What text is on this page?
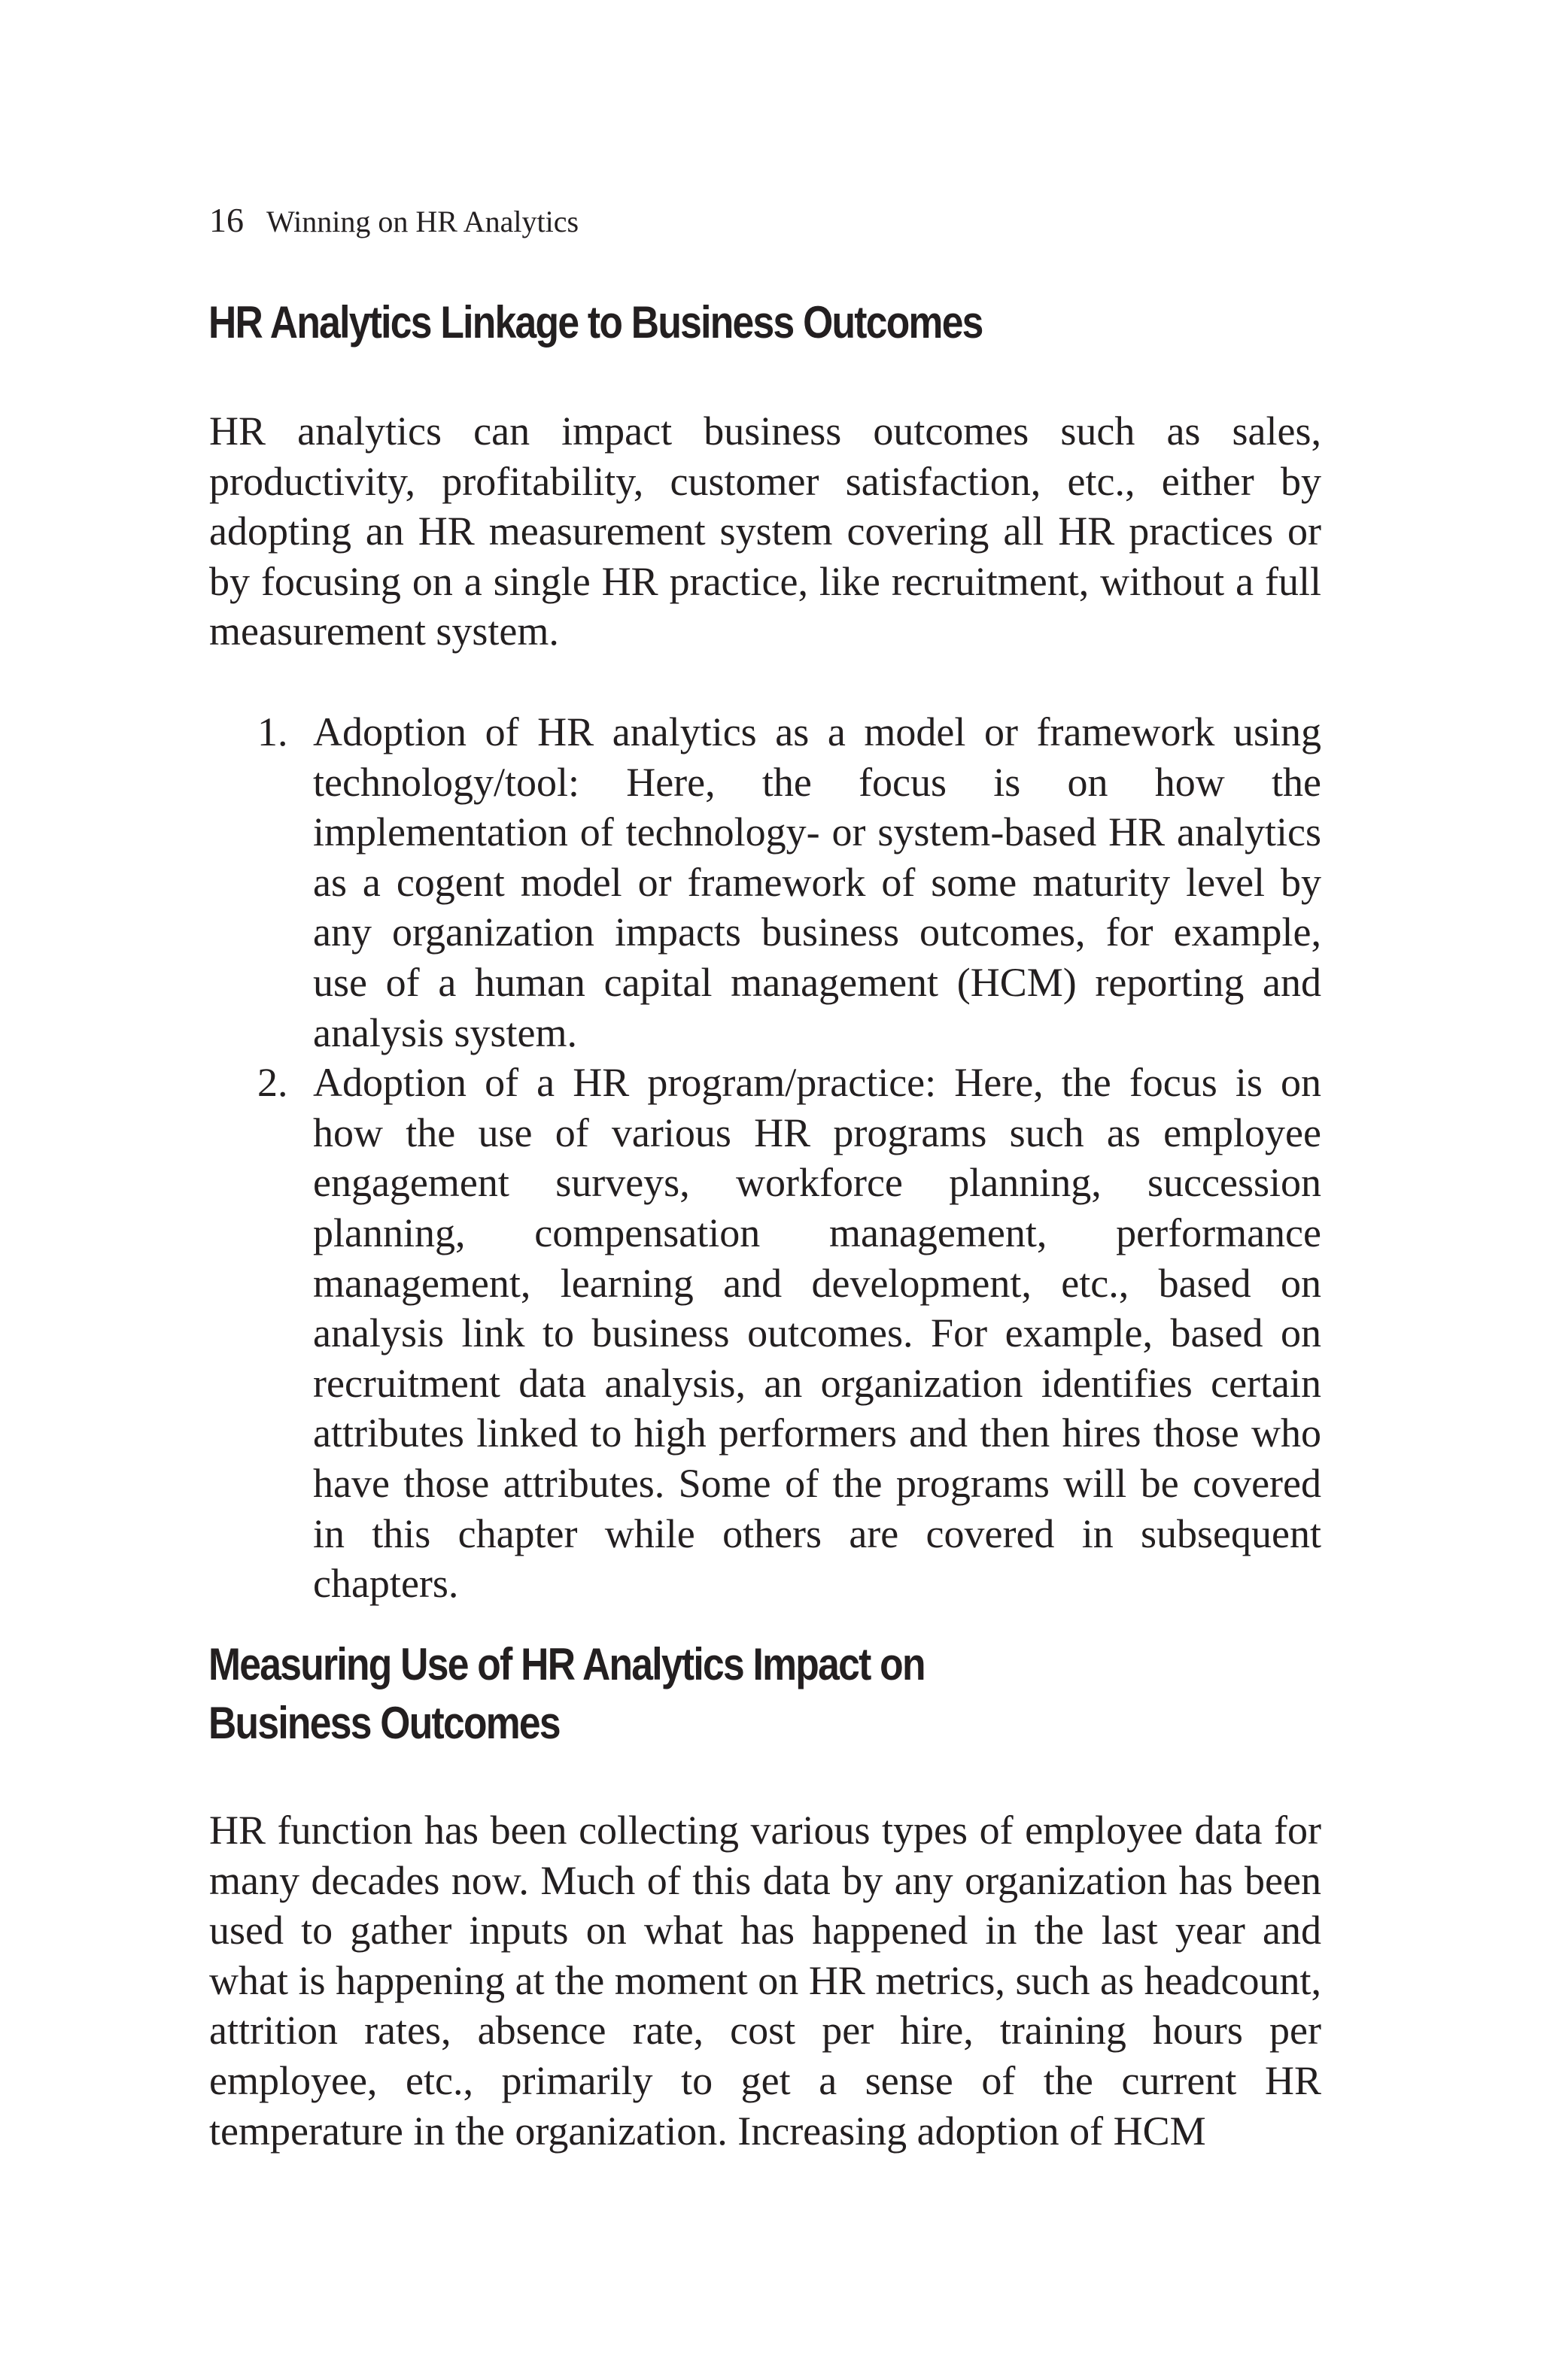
16 Winning on HR Analytics
HR Analytics Linkage to Business Outcomes

HR analytics can impact business outcomes such as sales, productivity, profitability, customer satisfaction, etc., either by adopting an HR measurement system covering all HR practices or by focusing on a single HR practice, like recruitment, without a full measurement system.

1. Adoption of HR analytics as a model or framework using technology/tool: Here, the focus is on how the implementation of technology- or system-based HR analytics as a cogent model or framework of some maturity level by any organization impacts business outcomes, for example, use of a human capital management (HCM) reporting and analysis system.
2. Adoption of a HR program/practice: Here, the focus is on how the use of various HR programs such as employee engagement surveys, workforce planning, succession planning, compensation management, performance management, learning and development, etc., based on analysis link to business outcomes. For example, based on recruitment data analysis, an organization identifies certain attributes linked to high performers and then hires those who have those attributes. Some of the programs will be covered in this chapter while others are covered in subsequent chapters.
Measuring Use of HR Analytics Impact on
Business Outcomes

HR function has been collecting various types of employee data for many decades now. Much of this data by any organization has been used to gather inputs on what has happened in the last year and what is happening at the moment on HR metrics, such as headcount, attrition rates, absence rate, cost per hire, training hours per employee, etc., primarily to get a sense of the current HR temperature in the organization. Increasing adoption of HCM
